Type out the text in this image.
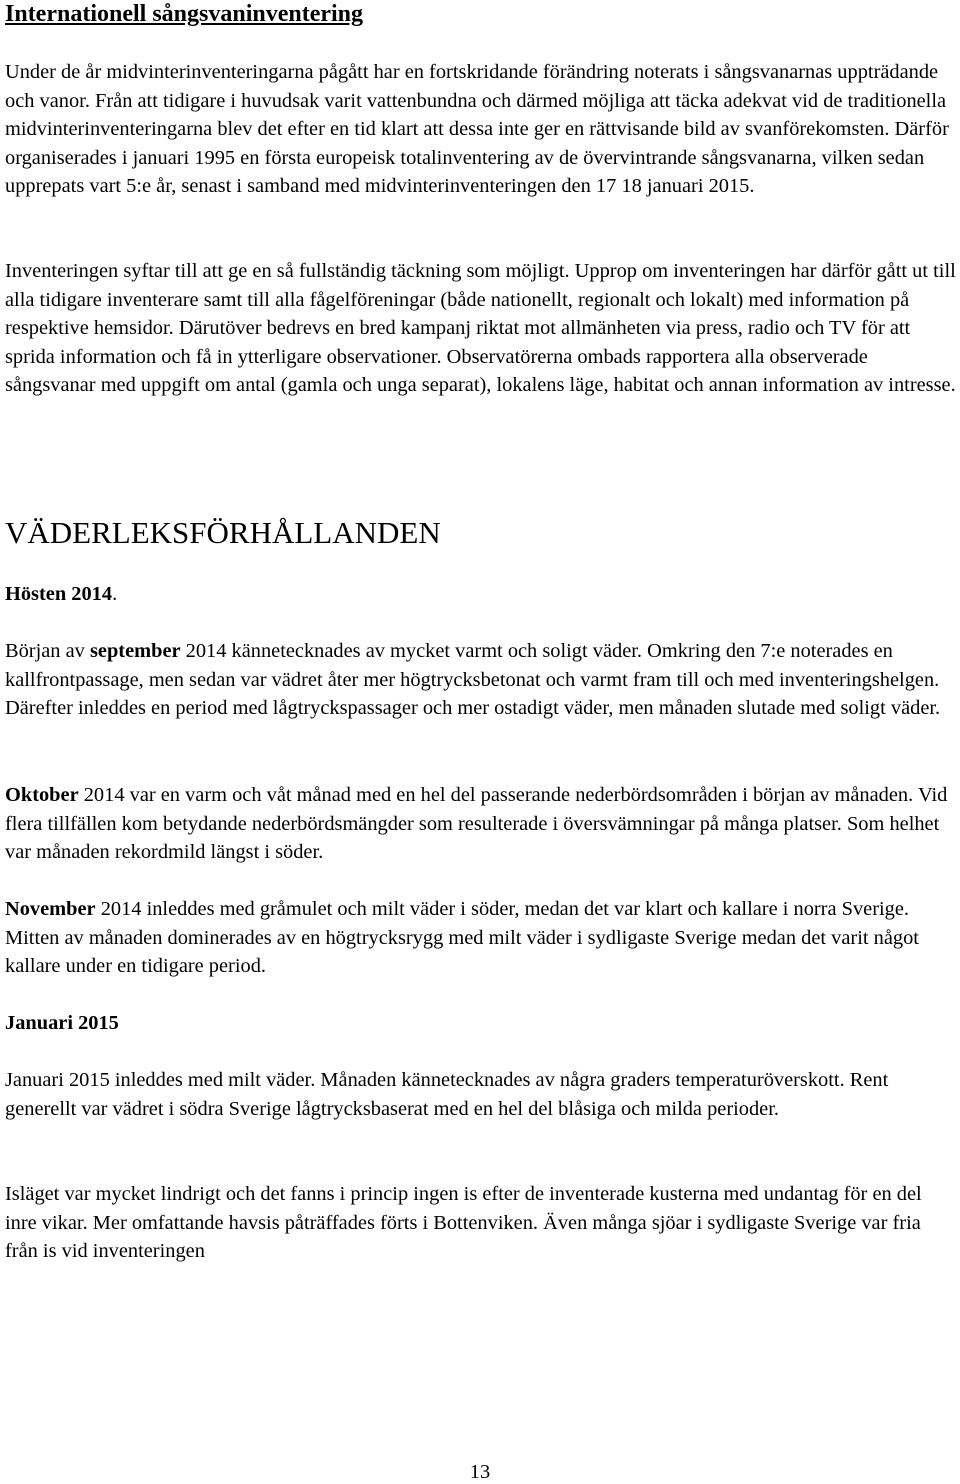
Internationell sångsvaninventering

Under de år midvinterinventeringarna pågått har en fortskridande förändring noterats i sångsvanarnas uppträdande och vanor. Från att tidigare i huvudsak varit vattenbundna och därmed möjliga att täcka adekvat vid de traditionella midvinterinventeringarna blev det efter en tid klart att dessa inte ger en rättvisande bild av svanförekomsten. Därför organiserades i januari 1995 en första europeisk totalinventering av de övervintrande sångsvanarna, vilken sedan upprepats vart 5:e år, senast i samband med midvinterinventeringen den 17 18 januari 2015.

Inventeringen syftar till att ge en så fullständig täckning som möjligt. Upprop om inventeringen har därför gått ut till alla tidigare inventerare samt till alla fågelföreningar (både nationellt, regionalt och lokalt) med information på respektive hemsidor. Därutöver bedrevs en bred kampanj riktat mot allmänheten via press, radio och TV för att sprida information och få in ytterligare observationer. Observatörerna ombads rapportera alla observerade sångsvanar med uppgift om antal (gamla och unga separat), lokalens läge, habitat och annan information av intresse.

VÄDERLEKSFÖRHÅLLANDEN

Hösten 2014.

Början av september 2014 kännetecknades av mycket varmt och soligt väder. Omkring den 7:e noterades en kallfrontpassage, men sedan var vädret åter mer högtrycksbetonat och varmt fram till och med inventeringshelgen. Därefter inleddes en period med lågtryckspassager och mer ostadigt väder, men månaden slutade med soligt väder.

Oktober 2014 var en varm och våt månad med en hel del passerande nederbördsområden i början av månaden. Vid flera tillfällen kom betydande nederbördsmängder som resulterade i översvämningar på många platser. Som helhet var månaden rekordmild längst i söder.

November 2014 inleddes med gråmulet och milt väder i söder, medan det var klart och kallare i norra Sverige. Mitten av månaden dominerades av en högtrycksrygg med milt väder i sydligaste Sverige medan det varit något kallare under en tidigare period.

Januari 2015

Januari 2015 inleddes med milt väder. Månaden kännetecknades av några graders temperaturöverskott. Rent generellt var vädret i södra Sverige lågtrycksbaserat med en hel del blåsiga och milda perioder.

Isläget var mycket lindrigt och det fanns i princip ingen is efter de inventerade kusterna med undantag för en del inre vikar. Mer omfattande havsis påträffades förts i Bottenviken. Även många sjöar i sydligaste Sverige var fria från is vid inventeringen

13
